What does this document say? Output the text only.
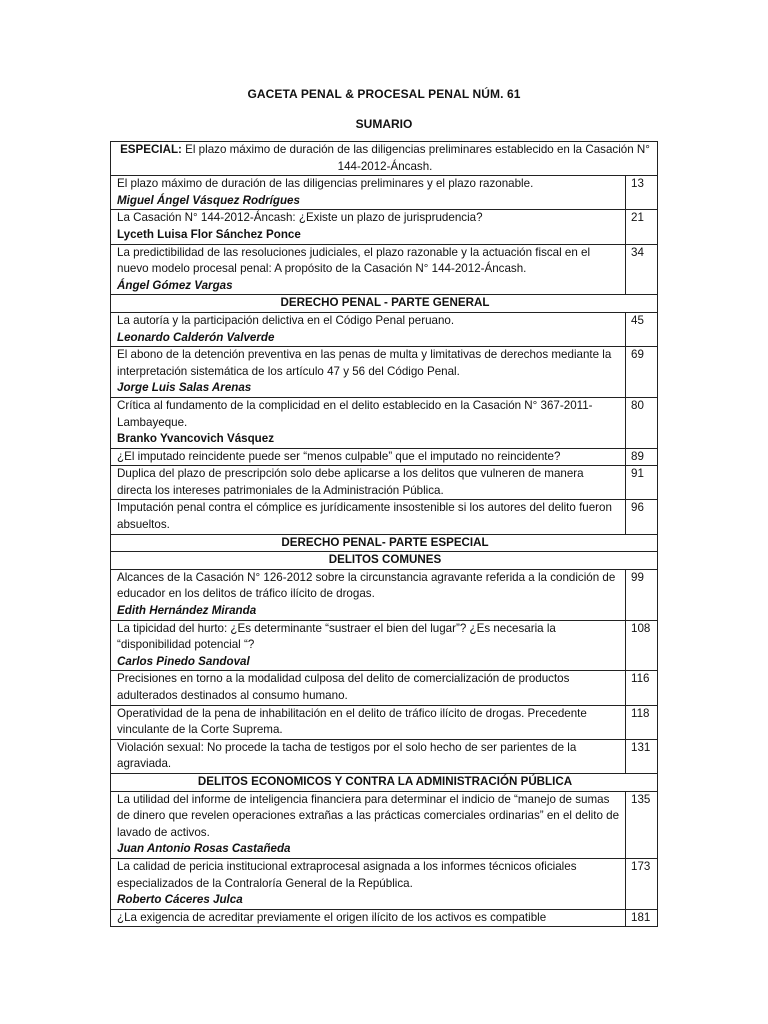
GACETA PENAL & PROCESAL PENAL NÚM. 61
SUMARIO
ESPECIAL: El plazo máximo de duración de las diligencias preliminares establecido en la Casación N° 144-2012-Áncash.	

El plazo máximo de duración de las diligencias preliminares y el plazo razonable.
Miguel Ángel Vásquez Rodrígues	13

La Casación N° 144-2012-Áncash: ¿Existe un plazo de jurisprudencia?
Lyceth Luisa Flor Sánchez Ponce	21

La predictibilidad de las resoluciones judiciales, el plazo razonable y la actuación fiscal en el nuevo modelo procesal penal: A propósito de la Casación N° 144-2012-Áncash.
Ángel Gómez Vargas	34
DERECHO PENAL - PARTE GENERAL	

La autoría y la participación delictiva en el Código Penal peruano.
Leonardo Calderón Valverde	45

El abono de la detención preventiva en las penas de multa y limitativas de derechos mediante la interpretación sistemática de los artículo 47 y 56 del Código Penal.
Jorge Luis Salas Arenas	69

Crítica al fundamento de la complicidad en el delito establecido en la Casación N° 367-2011-Lambayeque.
Branko Yvancovich Vásquez	80

¿El imputado reincidente puede ser “menos culpable” que el imputado no reincidente?	89

Duplica del plazo de prescripción solo debe aplicarse a los delitos que vulneren de manera directa los intereses patrimoniales de la Administración Pública.	91

Imputación penal contra el cómplice es jurídicamente insostenible si los autores del delito fueron absueltos.	96
DERECHO PENAL- PARTE ESPECIAL	
DELITOS COMUNES	

Alcances de la Casación N° 126-2012 sobre la circunstancia agravante referida a la condición de educador en los delitos de tráfico ilícito de drogas.
Edith Hernández Miranda	99

La tipicidad del hurto: ¿Es determinante “sustraer el bien del lugar”? ¿Es necesaria la “disponibilidad potencial “?
Carlos Pinedo Sandoval	108

Precisiones en torno a la modalidad culposa del delito de comercialización de productos adulterados destinados al consumo humano.	116

Operatividad de la pena de inhabilitación en el delito de tráfico ilícito de drogas. Precedente vinculante de la Corte Suprema.	118

Violación sexual: No procede la tacha de testigos por el solo hecho de ser parientes de la agraviada.	131
DELITOS ECONOMICOS Y CONTRA LA ADMINISTRACIÓN PÚBLICA	

La utilidad del informe de inteligencia financiera para determinar el indicio de “manejo de sumas de dinero que revelen operaciones extrañas a las prácticas comerciales ordinarias” en el delito de lavado de activos.
Juan Antonio Rosas Castañeda	135

La calidad de pericia institucional extraprocesal asignada a los informes técnicos oficiales especializados de la Contraloría General de la República.
Roberto Cáceres Julca	173

¿La exigencia de acreditar previamente el origen ilícito de los activos es compatible	181
